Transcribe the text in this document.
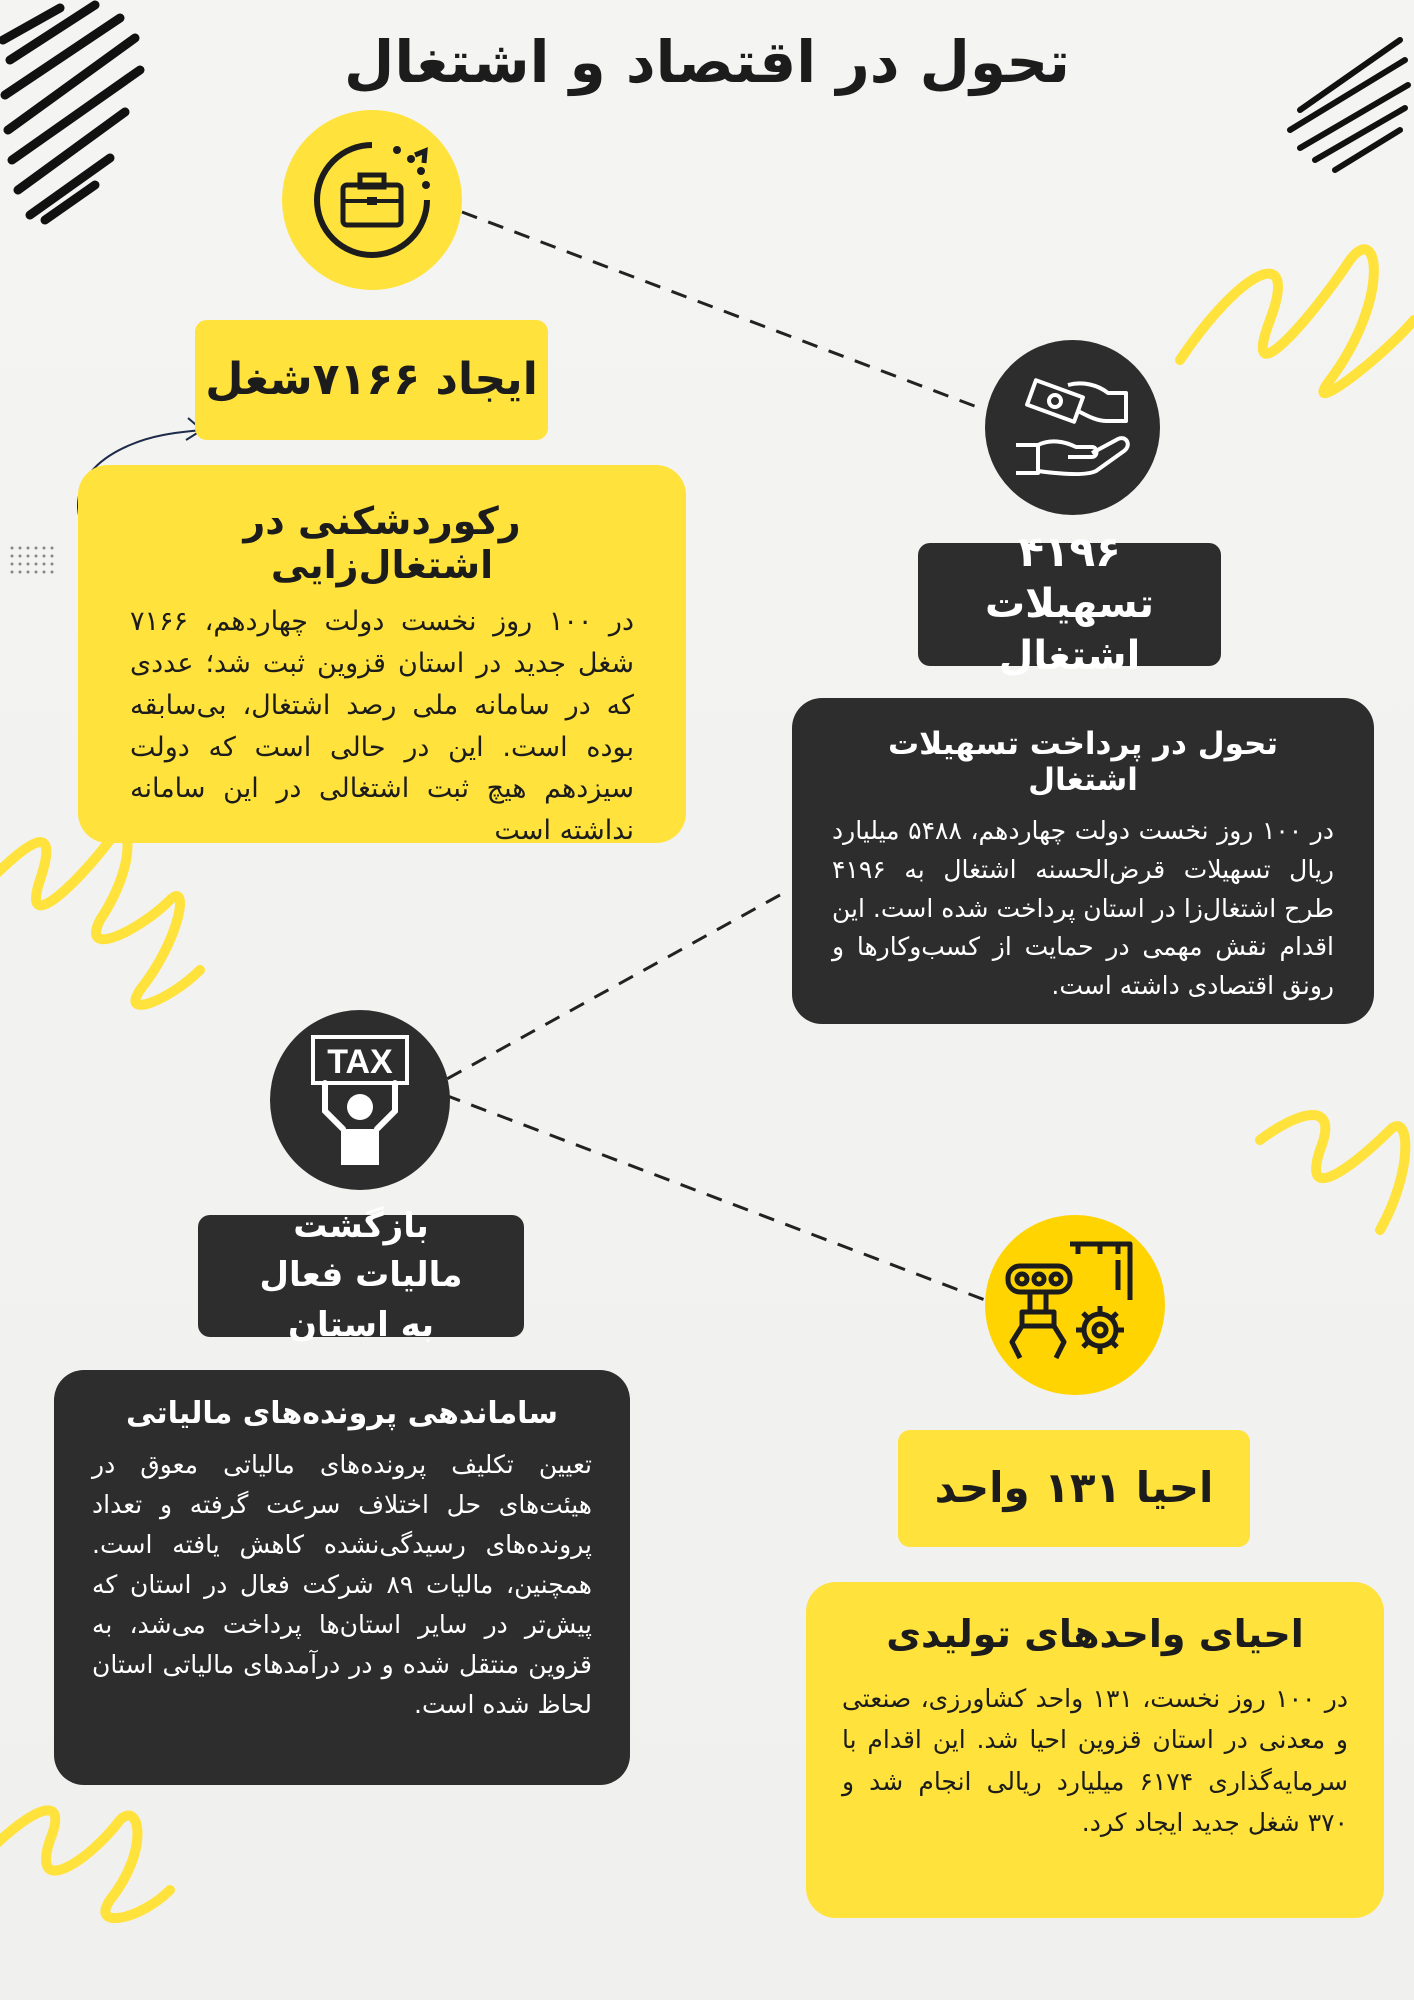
تحول در اقتصاد و اشتغال
ایجاد ۷۱۶۶شغل
رکوردشکنی در اشتغال‌زایی
در ۱۰۰ روز نخست دولت چهاردهم، ۷۱۶۶ شغل جدید در استان قزوین ثبت شد؛ عددی که در سامانه ملی رصد اشتغال، بی‌سابقه بوده است. این در حالی است که دولت سیزدهم هیچ ثبت اشتغالی در این سامانه نداشته است
۴۱۹۶
تسهیلات اشتغال
تحول در پرداخت تسهیلات اشتغال
در ۱۰۰ روز نخست دولت چهاردهم، ۵۴۸۸ میلیارد ریال تسهیلات قرض‌الحسنه اشتغال به ۴۱۹۶ طرح اشتغال‌زا در استان پرداخت شده است. این اقدام نقش مهمی در حمایت از کسب‌وکارها و رونق اقتصادی داشته است.
TAX
بازگشت مالیات فعال به استان
ساماندهی پرونده‌های مالیاتی
تعیین تکلیف پرونده‌های مالیاتی معوق در هیئت‌های حل اختلاف سرعت گرفته و تعداد پرونده‌های رسیدگی‌نشده کاهش یافته است. همچنین، مالیات ۸۹ شرکت فعال در استان که پیش‌تر در سایر استان‌ها پرداخت می‌شد، به قزوین منتقل شده و در درآمدهای مالیاتی استان لحاظ شده است.
احیا ۱۳۱ واحد
احیای واحدهای تولیدی
در ۱۰۰ روز نخست، ۱۳۱ واحد کشاورزی، صنعتی و معدنی در استان قزوین احیا شد. این اقدام با سرمایه‌گذاری ۶۱۷۴ میلیارد ریالی انجام شد و ۳۷۰ شغل جدید ایجاد کرد.
